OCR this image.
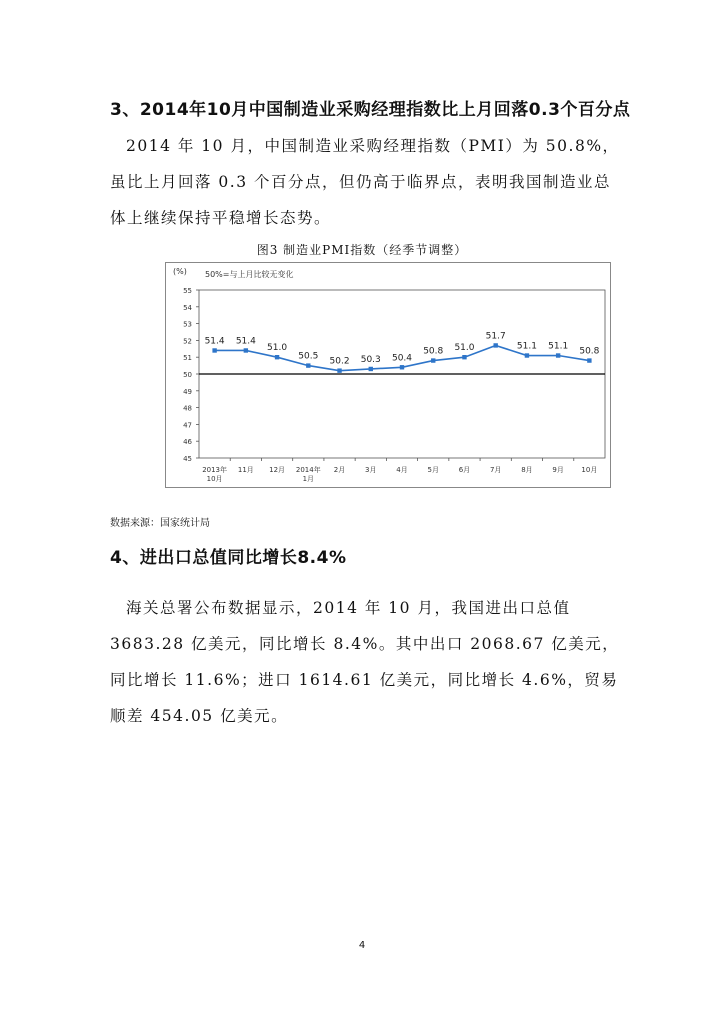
3、2014年10月中国制造业采购经理指数比上月回落0.3个百分点
2014 年 10 月，中国制造业采购经理指数（PMI）为 50.8%，虽比上月回落 0.3 个百分点，但仍高于临界点，表明我国制造业总体上继续保持平稳增长态势。
图3 制造业PMI指数（经季节调整）
(%) 50%=与上月比较无变化
45
46
47
48
49
50
51
52
53
54
55
2013年 10月
11月 12月 2014年 1月
2月	3月	4月	5月	6月	7月	8月	9月	10月
51.4 51.4
51.0
50.5
50.2 50.3 50.4
50.8 51.0
51.7
51.1 51.1
50.8
数据来源：国家统计局
4、进出口总值同比增长8.4%
海关总署公布数据显示，2014 年 10 月，我国进出口总值 3683.28 亿美元，同比增长 8.4%。其中出口 2068.67 亿美元，同比增长 11.6%；进口 1614.61 亿美元，同比增长 4.6%，贸易顺差 454.05 亿美元。
4
